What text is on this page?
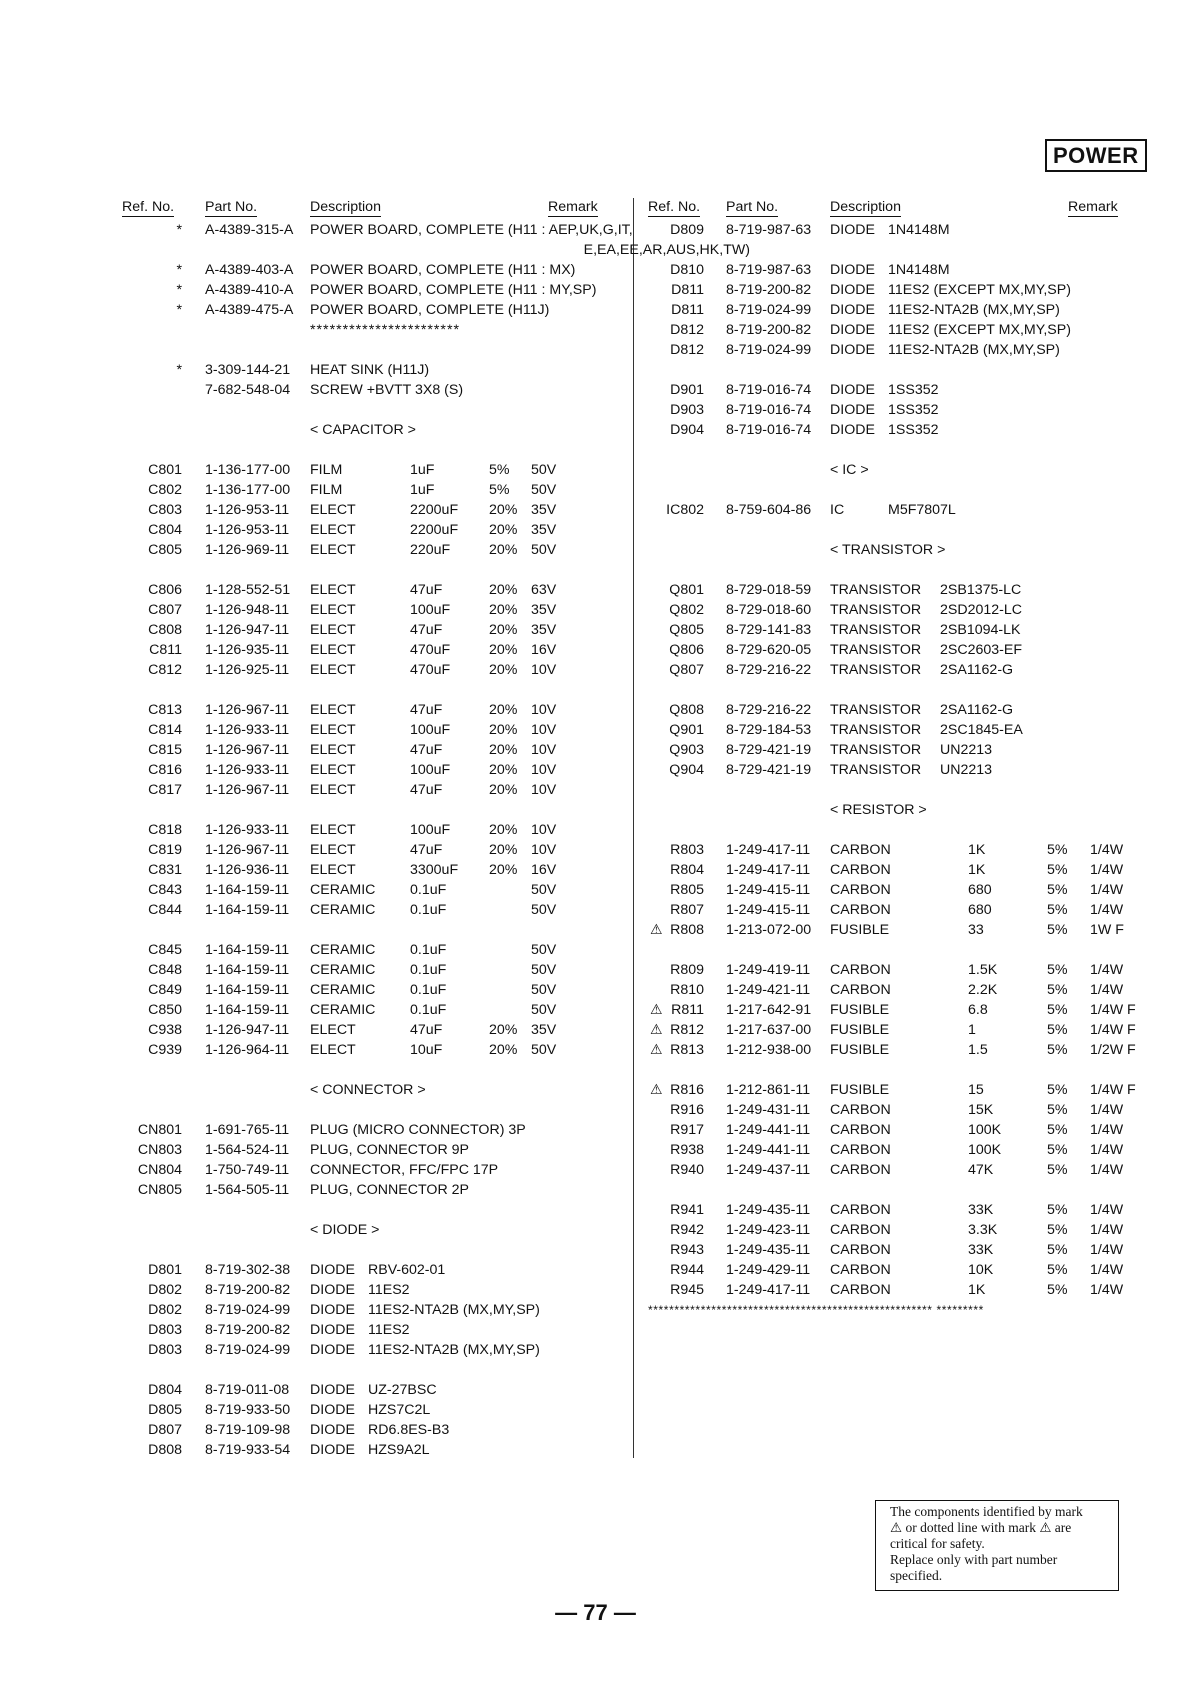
POWER
Ref. No. Part No.	Description	Remark
* A-4389-315-A POWER BOARD, COMPLETE (H11 : AEP,UK,G,IT,
E,EA,EE,AR,AUS,HK,TW)
* A-4389-403-A POWER BOARD, COMPLETE (H11 : MX)
* A-4389-410-A POWER BOARD, COMPLETE (H11 : MY,SP)
* A-4389-475-A POWER BOARD, COMPLETE (H11J)
***********************
* 3-309-144-21 HEAT SINK (H11J)
7-682-548-04 SCREW +BVTT 3X8 (S)
< CAPACITOR >
C801 1-136-177-00 FILM	1uF	5% 50V
C802 1-136-177-00 FILM	1uF	5% 50V
C803 1-126-953-11 ELECT	2200uF 20% 35V
C804 1-126-953-11 ELECT	2200uF 20% 35V
C805 1-126-969-11 ELECT	220uF	20% 50V
C806 1-128-552-51 ELECT	47uF	20% 63V
C807 1-126-948-11 ELECT	100uF	20% 35V
C808 1-126-947-11 ELECT	47uF	20% 35V
C811 1-126-935-11 ELECT	470uF	20% 16V
C812 1-126-925-11 ELECT	470uF	20% 10V
C813 1-126-967-11 ELECT	47uF	20% 10V
C814 1-126-933-11 ELECT	100uF	20% 10V
C815 1-126-967-11 ELECT	47uF	20% 10V
C816 1-126-933-11 ELECT	100uF	20% 10V
C817 1-126-967-11 ELECT	47uF	20% 10V
C818 1-126-933-11 ELECT	100uF	20% 10V
C819 1-126-967-11 ELECT	47uF	20% 10V
C831 1-126-936-11 ELECT	3300uF 20% 16V
C843 1-164-159-11 CERAMIC 0.1uF	50V
C844 1-164-159-11 CERAMIC 0.1uF	50V
C845 1-164-159-11 CERAMIC 0.1uF	50V
C848 1-164-159-11 CERAMIC 0.1uF	50V
C849 1-164-159-11 CERAMIC 0.1uF	50V
C850 1-164-159-11 CERAMIC 0.1uF	50V
C938 1-126-947-11 ELECT	47uF	20% 35V
C939 1-126-964-11 ELECT	10uF	20% 50V
< CONNECTOR >
CN801 1-691-765-11 PLUG (MICRO CONNECTOR) 3P
CN803 1-564-524-11 PLUG, CONNECTOR 9P
CN804 1-750-749-11 CONNECTOR, FFC/FPC 17P
CN805 1-564-505-11 PLUG, CONNECTOR 2P
< DIODE >
D801 8-719-302-38 DIODE RBV-602-01
D802 8-719-200-82 DIODE 11ES2
D802 8-719-024-99 DIODE 11ES2-NTA2B (MX,MY,SP)
D803 8-719-200-82 DIODE 11ES2
D803 8-719-024-99 DIODE 11ES2-NTA2B (MX,MY,SP)
D804 8-719-011-08 DIODE UZ-27BSC
D805 8-719-933-50 DIODE HZS7C2L
D807 8-719-109-98 DIODE RD6.8ES-B3
D808 8-719-933-54 DIODE HZS9A2L
Ref. No. Part No.	Description	Remark
D809 8-719-987-63 DIODE 1N4148M
D810 8-719-987-63 DIODE 1N4148M
D811 8-719-200-82 DIODE 11ES2 (EXCEPT MX,MY,SP)
D811 8-719-024-99 DIODE 11ES2-NTA2B (MX,MY,SP)
D812 8-719-200-82 DIODE 11ES2 (EXCEPT MX,MY,SP)
D812 8-719-024-99 DIODE 11ES2-NTA2B (MX,MY,SP)
D901 8-719-016-74 DIODE 1SS352
D903 8-719-016-74 DIODE 1SS352
D904 8-719-016-74 DIODE 1SS352
< IC >
IC802 8-759-604-86 IC	M5F7807L
< TRANSISTOR >
Q801 8-729-018-59 TRANSISTOR 2SB1375-LC
Q802 8-729-018-60 TRANSISTOR 2SD2012-LC
Q805 8-729-141-83 TRANSISTOR 2SB1094-LK
Q806 8-729-620-05 TRANSISTOR 2SC2603-EF
Q807 8-729-216-22 TRANSISTOR 2SA1162-G
Q808 8-729-216-22 TRANSISTOR 2SA1162-G
Q901 8-729-184-53 TRANSISTOR 2SC1845-EA
Q903 8-729-421-19 TRANSISTOR UN2213
Q904 8-729-421-19 TRANSISTOR UN2213
< RESISTOR >
R803 1-249-417-11 CARBON	1K	5% 1/4W
R804 1-249-417-11 CARBON	1K	5% 1/4W
R805 1-249-415-11 CARBON	680	5% 1/4W
R807 1-249-415-11 CARBON	680	5% 1/4W
⚠ R808 1-213-072-00 FUSIBLE	33	5% 1W F
R809 1-249-419-11 CARBON	1.5K	5% 1/4W
R810 1-249-421-11 CARBON	2.2K	5% 1/4W
⚠ R811 1-217-642-91 FUSIBLE	6.8	5% 1/4W F
⚠ R812 1-217-637-00 FUSIBLE	1	5% 1/4W F
⚠ R813 1-212-938-00 FUSIBLE	1.5	5% 1/2W F
⚠ R816 1-212-861-11 FUSIBLE	15	5% 1/4W F
R916 1-249-431-11 CARBON	15K	5% 1/4W
R917 1-249-441-11 CARBON	100K	5% 1/4W
R938 1-249-441-11 CARBON	100K	5% 1/4W
R940 1-249-437-11 CARBON	47K	5% 1/4W
R941 1-249-435-11 CARBON	33K	5% 1/4W
R942 1-249-423-11 CARBON	3.3K	5% 1/4W
R943 1-249-435-11 CARBON	33K	5% 1/4W
R944 1-249-429-11 CARBON	10K	5% 1/4W
R945 1-249-417-11 CARBON	1K	5% 1/4W
****************************************************** *********

The components identified by mark

⚠ or dotted line with mark ⚠ are

critical for safety.

Replace only with part number

specified.

— 77 —
